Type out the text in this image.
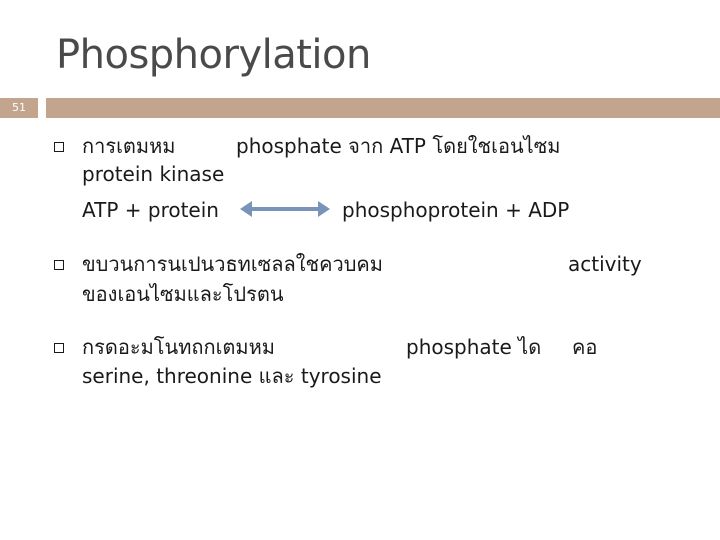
Phosphorylation
51
การเตมหม	phosphate จาก ATP โดยใชเอนไซม
protein kinase
ATP + protein	phosphoprotein + ADP
ขบวนการนเปนวธทเซลลใชควบคม	activity
ของเอนไซมและโปรตน
กรดอะมโนทถกเตมหม	phosphate ได คอ
serine, threonine และ tyrosine
